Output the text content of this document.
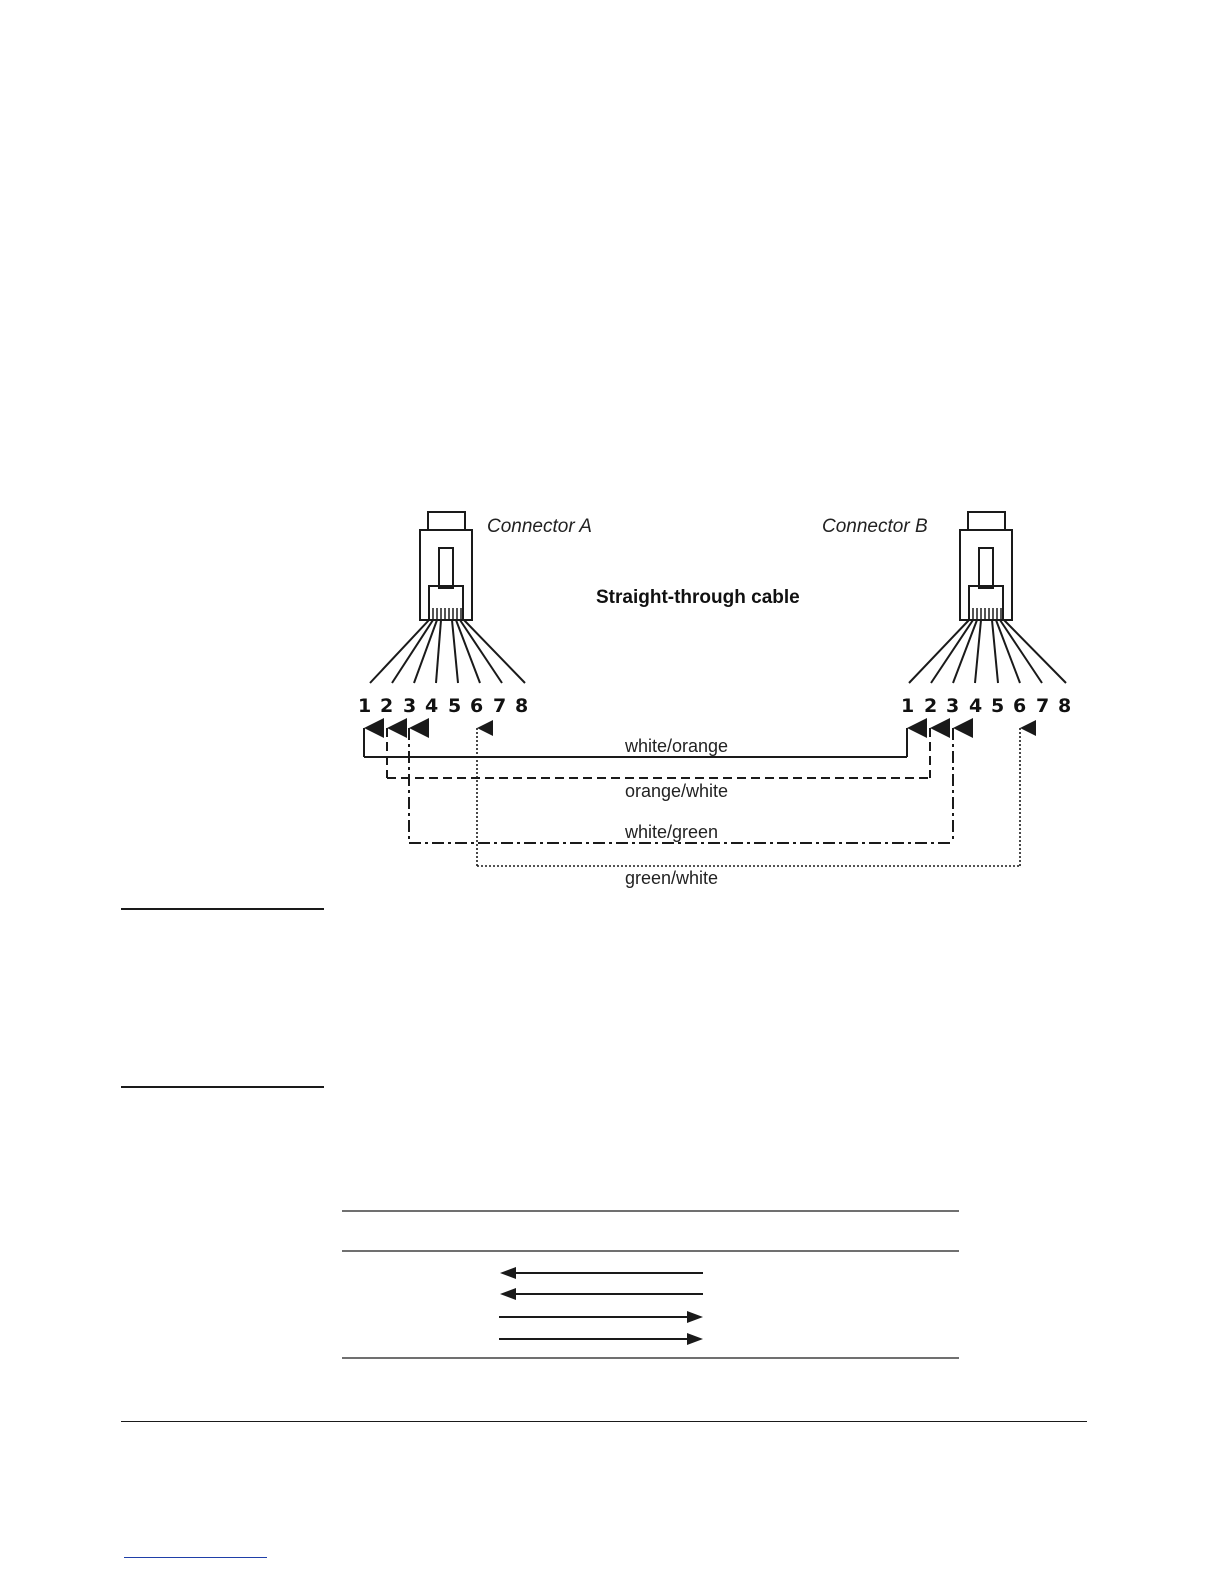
Connector A	Connector B
Straight-through cable
1 2 3 4 5 6 7 8	1 2 3 4 5 6 7 8
white/orange
orange/white
white/green
green/white
